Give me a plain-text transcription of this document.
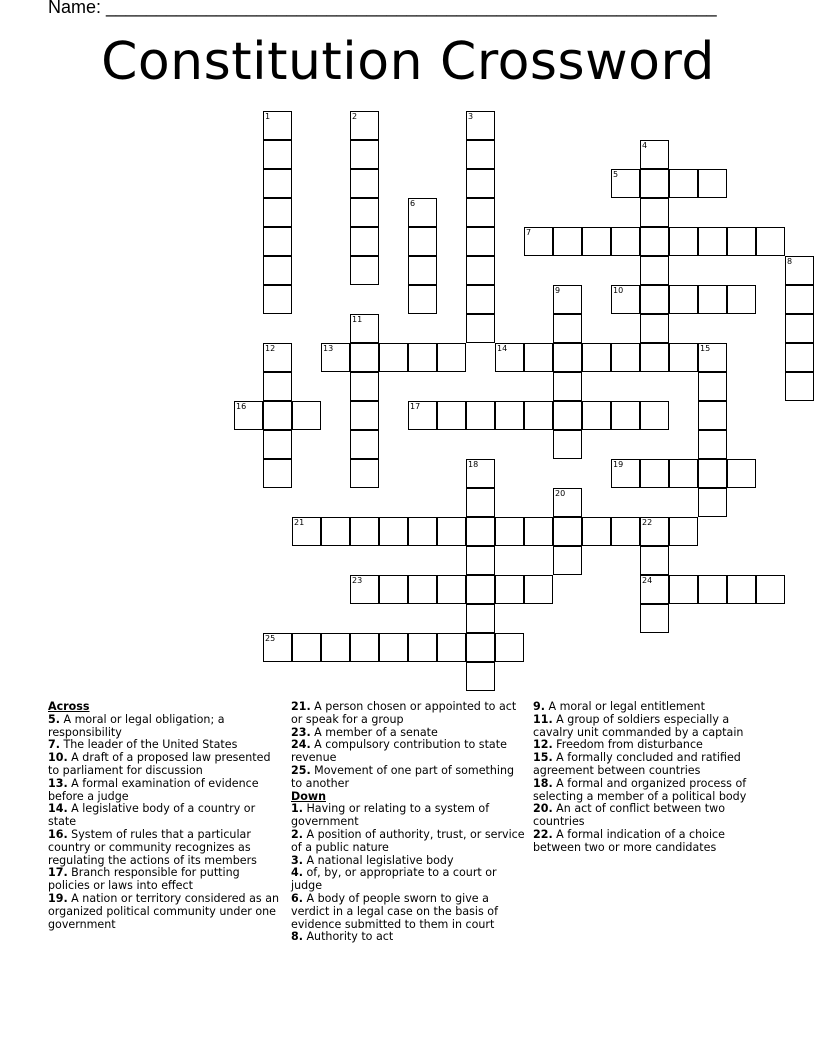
Name: _____________________________________________________________
Constitution Crossword
1	2	3
4
5
6
7
8
9	10
11
12	13	14	15
16	17
18	19
20
21	22
24
23
25

Across

5. A moral or legal obligation; a responsibility

7. The leader of the United States

10. A draft of a proposed law presented to parliament for discussion

13. A formal examination of evidence before a judge

14. A legislative body of a country or state

16. System of rules that a particular country or community recognizes as regulating the actions of its members

17. Branch responsible for putting policies or laws into effect

19. A nation or territory considered as an organized political community under one government

21. A person chosen or appointed to act or speak for a group

23. A member of a senate

24. A compulsory contribution to state revenue

25. Movement of one part of something to another

Down

1. Having or relating to a system of government

2. A position of authority, trust, or service of a public nature

3. A national legislative body

4. of, by, or appropriate to a court or judge

6. A body of people sworn to give a verdict in a legal case on the basis of evidence submitted to them in court

8. Authority to act

9. A moral or legal entitlement

11. A group of soldiers especially a cavalry unit commanded by a captain

12. Freedom from disturbance

15. A formally concluded and ratified agreement between countries

18. A formal and organized process of selecting a member of a political body

20. An act of conflict between two countries

22. A formal indication of a choice between two or more candidates
